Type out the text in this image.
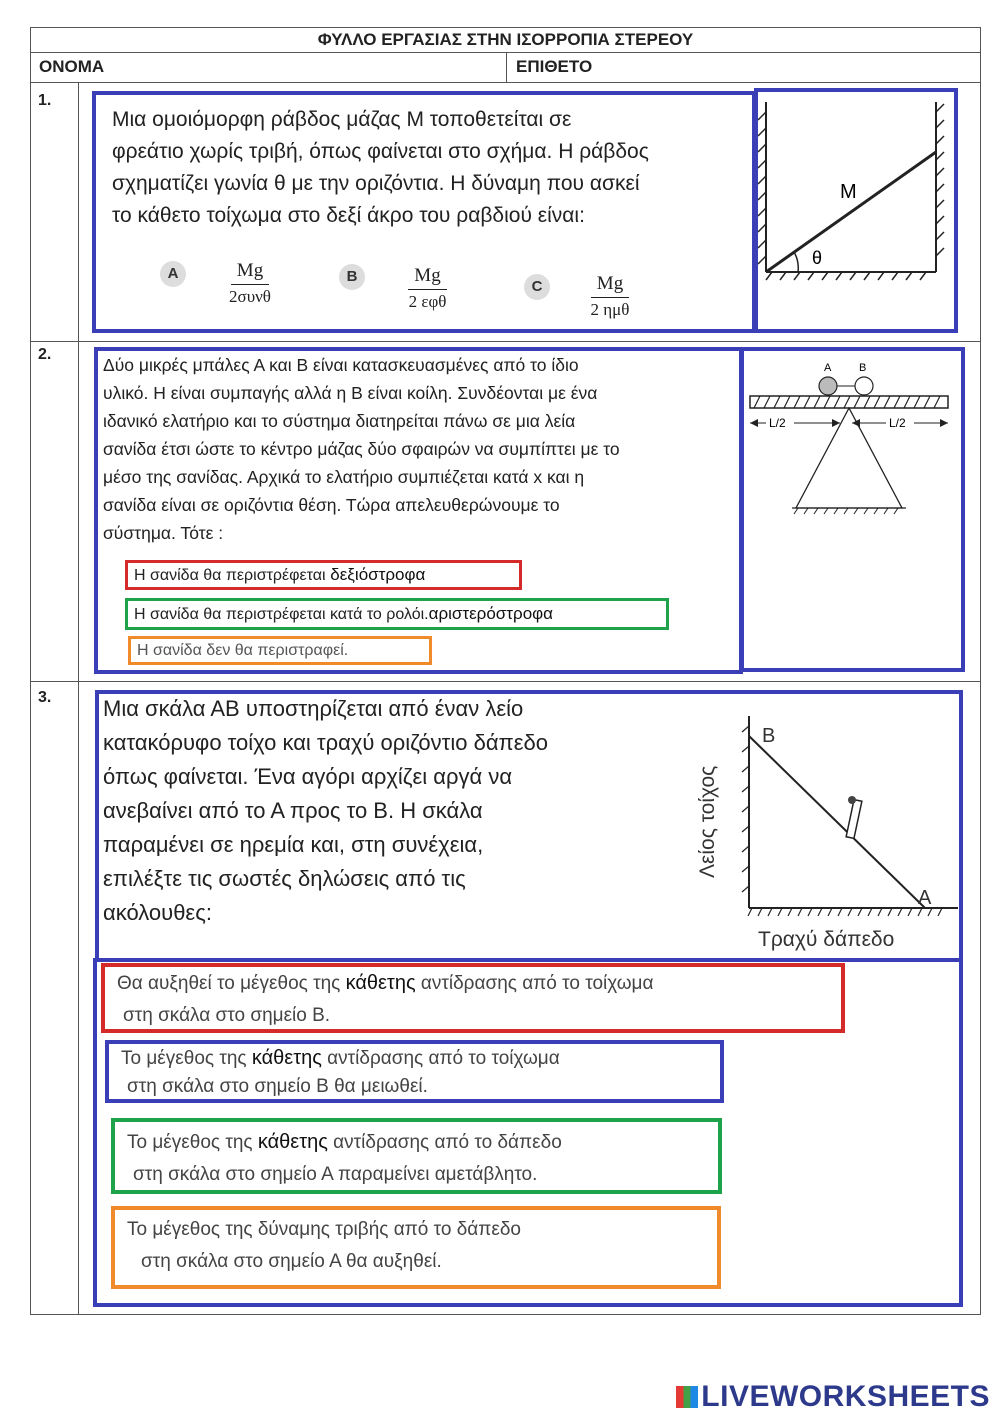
ΦΥΛΛΟ ΕΡΓΑΣΙΑΣ ΣΤΗΝ ΙΣΟΡΡΟΠΙΑ ΣΤΕΡΕΟΥ
ΟΝΟΜΑ	ΕΠΙΘΕΤΟ
1.
Μια ομοιόμορφη ράβδος μάζας Μ τοποθετείται σε
φρεάτιο χωρίς τριβή, όπως φαίνεται στο σχήμα. Η ράβδος
σχηματίζει γωνία θ με την οριζόντια. Η δύναμη που ασκεί
το κάθετο τοίχωμα στο δεξί άκρο του ραβδιού είναι:
A	Mg
2συνθ
B	Mg
2 εφθ
C	Mg
2 ημθ
M
θ
2.
Δύο μικρές μπάλες Α και Β είναι κατασκευασμένες από το ίδιο
υλικό. Η είναι συμπαγής αλλά η Β είναι κοίλη. Συνδέονται με ένα
ιδανικό ελατήριο και το σύστημα διατηρείται πάνω σε μια λεία
σανίδα έτσι ώστε το κέντρο μάζας δύο σφαιρών να συμπίπτει με το
μέσο της σανίδας. Αρχικά το ελατήριο συμπιέζεται κατά x και η
σανίδα είναι σε οριζόντια θέση. Τώρα απελευθερώνουμε το
σύστημα. Τότε :
Η σανίδα θα περιστρέφεται δεξιόστροφα
Η σανίδα θα περιστρέφεται κατά το ρολόι.αριστερόστροφα
Η σανίδα δεν θα περιστραφεί.
A	B
L/2	L/2
3. Μια σκάλα ΑΒ υποστηρίζεται από έναν λείο
κατακόρυφο τοίχο και τραχύ οριζόντιο δάπεδο
όπως φαίνεται. Ένα αγόρι αρχίζει αργά να
ανεβαίνει από το Α προς το Β. Η σκάλα
παραμένει σε ηρεμία και, στη συνέχεια,
επιλέξτε τις σωστές δηλώσεις από τις
ακόλουθες:
B
A
Λείος τοίχος
Τραχύ δάπεδο
Θα αυξηθεί το μέγεθος της κάθετης αντίδρασης από το τοίχωμα
στη σκάλα στο σημείο Β.
Το μέγεθος της κάθετης αντίδρασης από το τοίχωμα
στη σκάλα στο σημείο Β θα μειωθεί.
Το μέγεθος της κάθετης αντίδρασης από το δάπεδο
στη σκάλα στο σημείο Α παραμείνει αμετάβλητο.
Το μέγεθος της δύναμης τριβής από το δάπεδο
στη σκάλα στο σημείο Α θα αυξηθεί.
LIVEWORKSHEETS
